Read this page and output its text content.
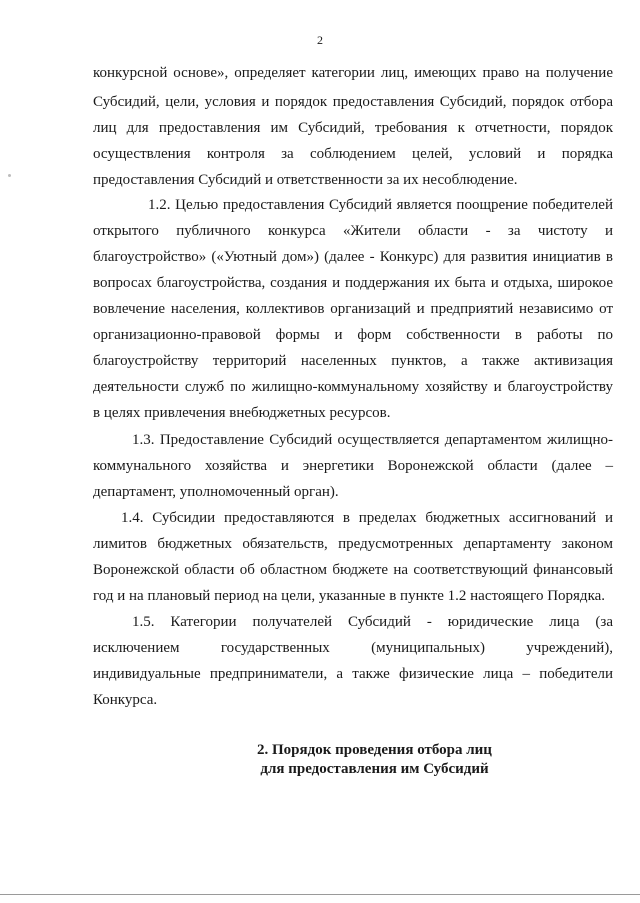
2
конкурсной основе», определяет категории лиц, имеющих право на получение
Субсидий, цели, условия и порядок предоставления Субсидий, порядок отбора
лиц для предоставления им Субсидий, требования к отчетности, порядок
осуществления контроля за соблюдением целей, условий и порядка
предоставления Субсидий и ответственности за их несоблюдение.
1.2. Целью предоставления Субсидий является поощрение победителей
открытого публичного конкурса «Жители области - за чистоту и
благоустройство» («Уютный дом») (далее - Конкурс) для развития инициатив в
вопросах благоустройства, создания и поддержания их быта и отдыха, широкое
вовлечение населения, коллективов организаций и предприятий независимо от
организационно-правовой формы и форм собственности в работы по
благоустройству территорий населенных пунктов, а также активизация
деятельности служб по жилищно-коммунальному хозяйству и благоустройству
в целях привлечения внебюджетных ресурсов.
1.3. Предоставление Субсидий осуществляется департаментом жилищно-
коммунального хозяйства и энергетики Воронежской области (далее –
департамент, уполномоченный орган).
1.4. Субсидии предоставляются в пределах бюджетных ассигнований и
лимитов бюджетных обязательств, предусмотренных департаменту законом
Воронежской области об областном бюджете на соответствующий финансовый
год и на плановый период на цели, указанные в пункте 1.2 настоящего Порядка.
1.5. Категории получателей Субсидий - юридические лица (за
исключением государственных (муниципальных) учреждений),
индивидуальные предприниматели, а также физические лица – победители
Конкурса.
2. Порядок проведения отбора лиц
для предоставления им Субсидий
